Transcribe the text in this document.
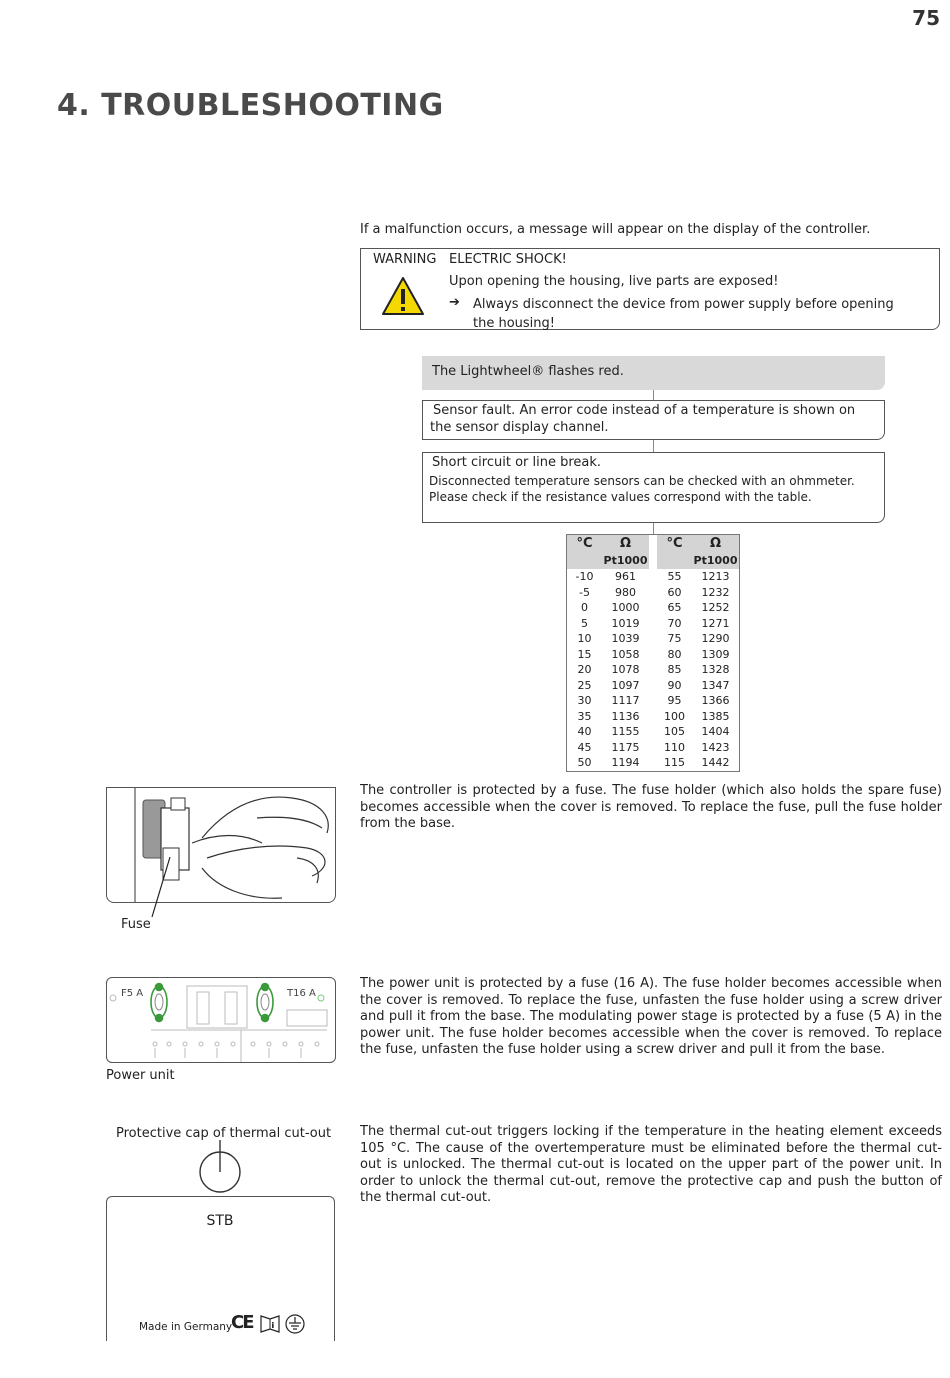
75
4. TROUBLESHOOTING
If a malfunction occurs, a message will appear on the display of the controller.
WARNING ELECTRIC SHOCK!
Upon opening the housing, live parts are exposed!
➔	Always disconnect the device from power supply before opening the housing!
The Lightwheel® flashes red.
Sensor fault. An error code instead of a temperature is shown on the sensor display channel.
Short circuit or line break.
Disconnected temperature sensors can be checked with an ohmmeter. Please check if the resistance values correspond with the table.
°C	Ω		°C	Ω
	Pt1000			Pt1000
-10	961		55	1213
-5	980		60	1232
0	1000		65	1252
5	1019		70	1271
10	1039		75	1290
15	1058		80	1309
20	1078		85	1328
25	1097		90	1347
30	1117		95	1366
35	1136		100	1385
40	1155		105	1404
45	1175		110	1423
50	1194		115	1442
Fuse
The controller is protected by a fuse. The fuse holder (which also holds the spare fuse) becomes accessible when the cover is removed. To replace the fuse, pull the fuse holder from the base.
F5 A	T16 A
Power unit
The power unit is protected by a fuse (16 A). The fuse holder becomes accessible when the cover is removed. To replace the fuse, unfasten the fuse holder using a screw driver and pull it from the base. The modulating power stage is protected by a fuse (5 A) in the power unit. The fuse holder becomes accessible when the cover is removed. To replace the fuse, unfasten the fuse holder using a screw driver and pull it from the base.
Protective cap of thermal cut-out
STB
Made in Germany
CE i
The thermal cut-out triggers locking if the temperature in the heating element exceeds 105 °C. The cause of the overtemperature must be eliminated before the thermal cut-out is unlocked. The thermal cut-out is located on the upper part of the power unit. In order to unlock the thermal cut-out, remove the protective cap and push the button of the thermal cut-out.
